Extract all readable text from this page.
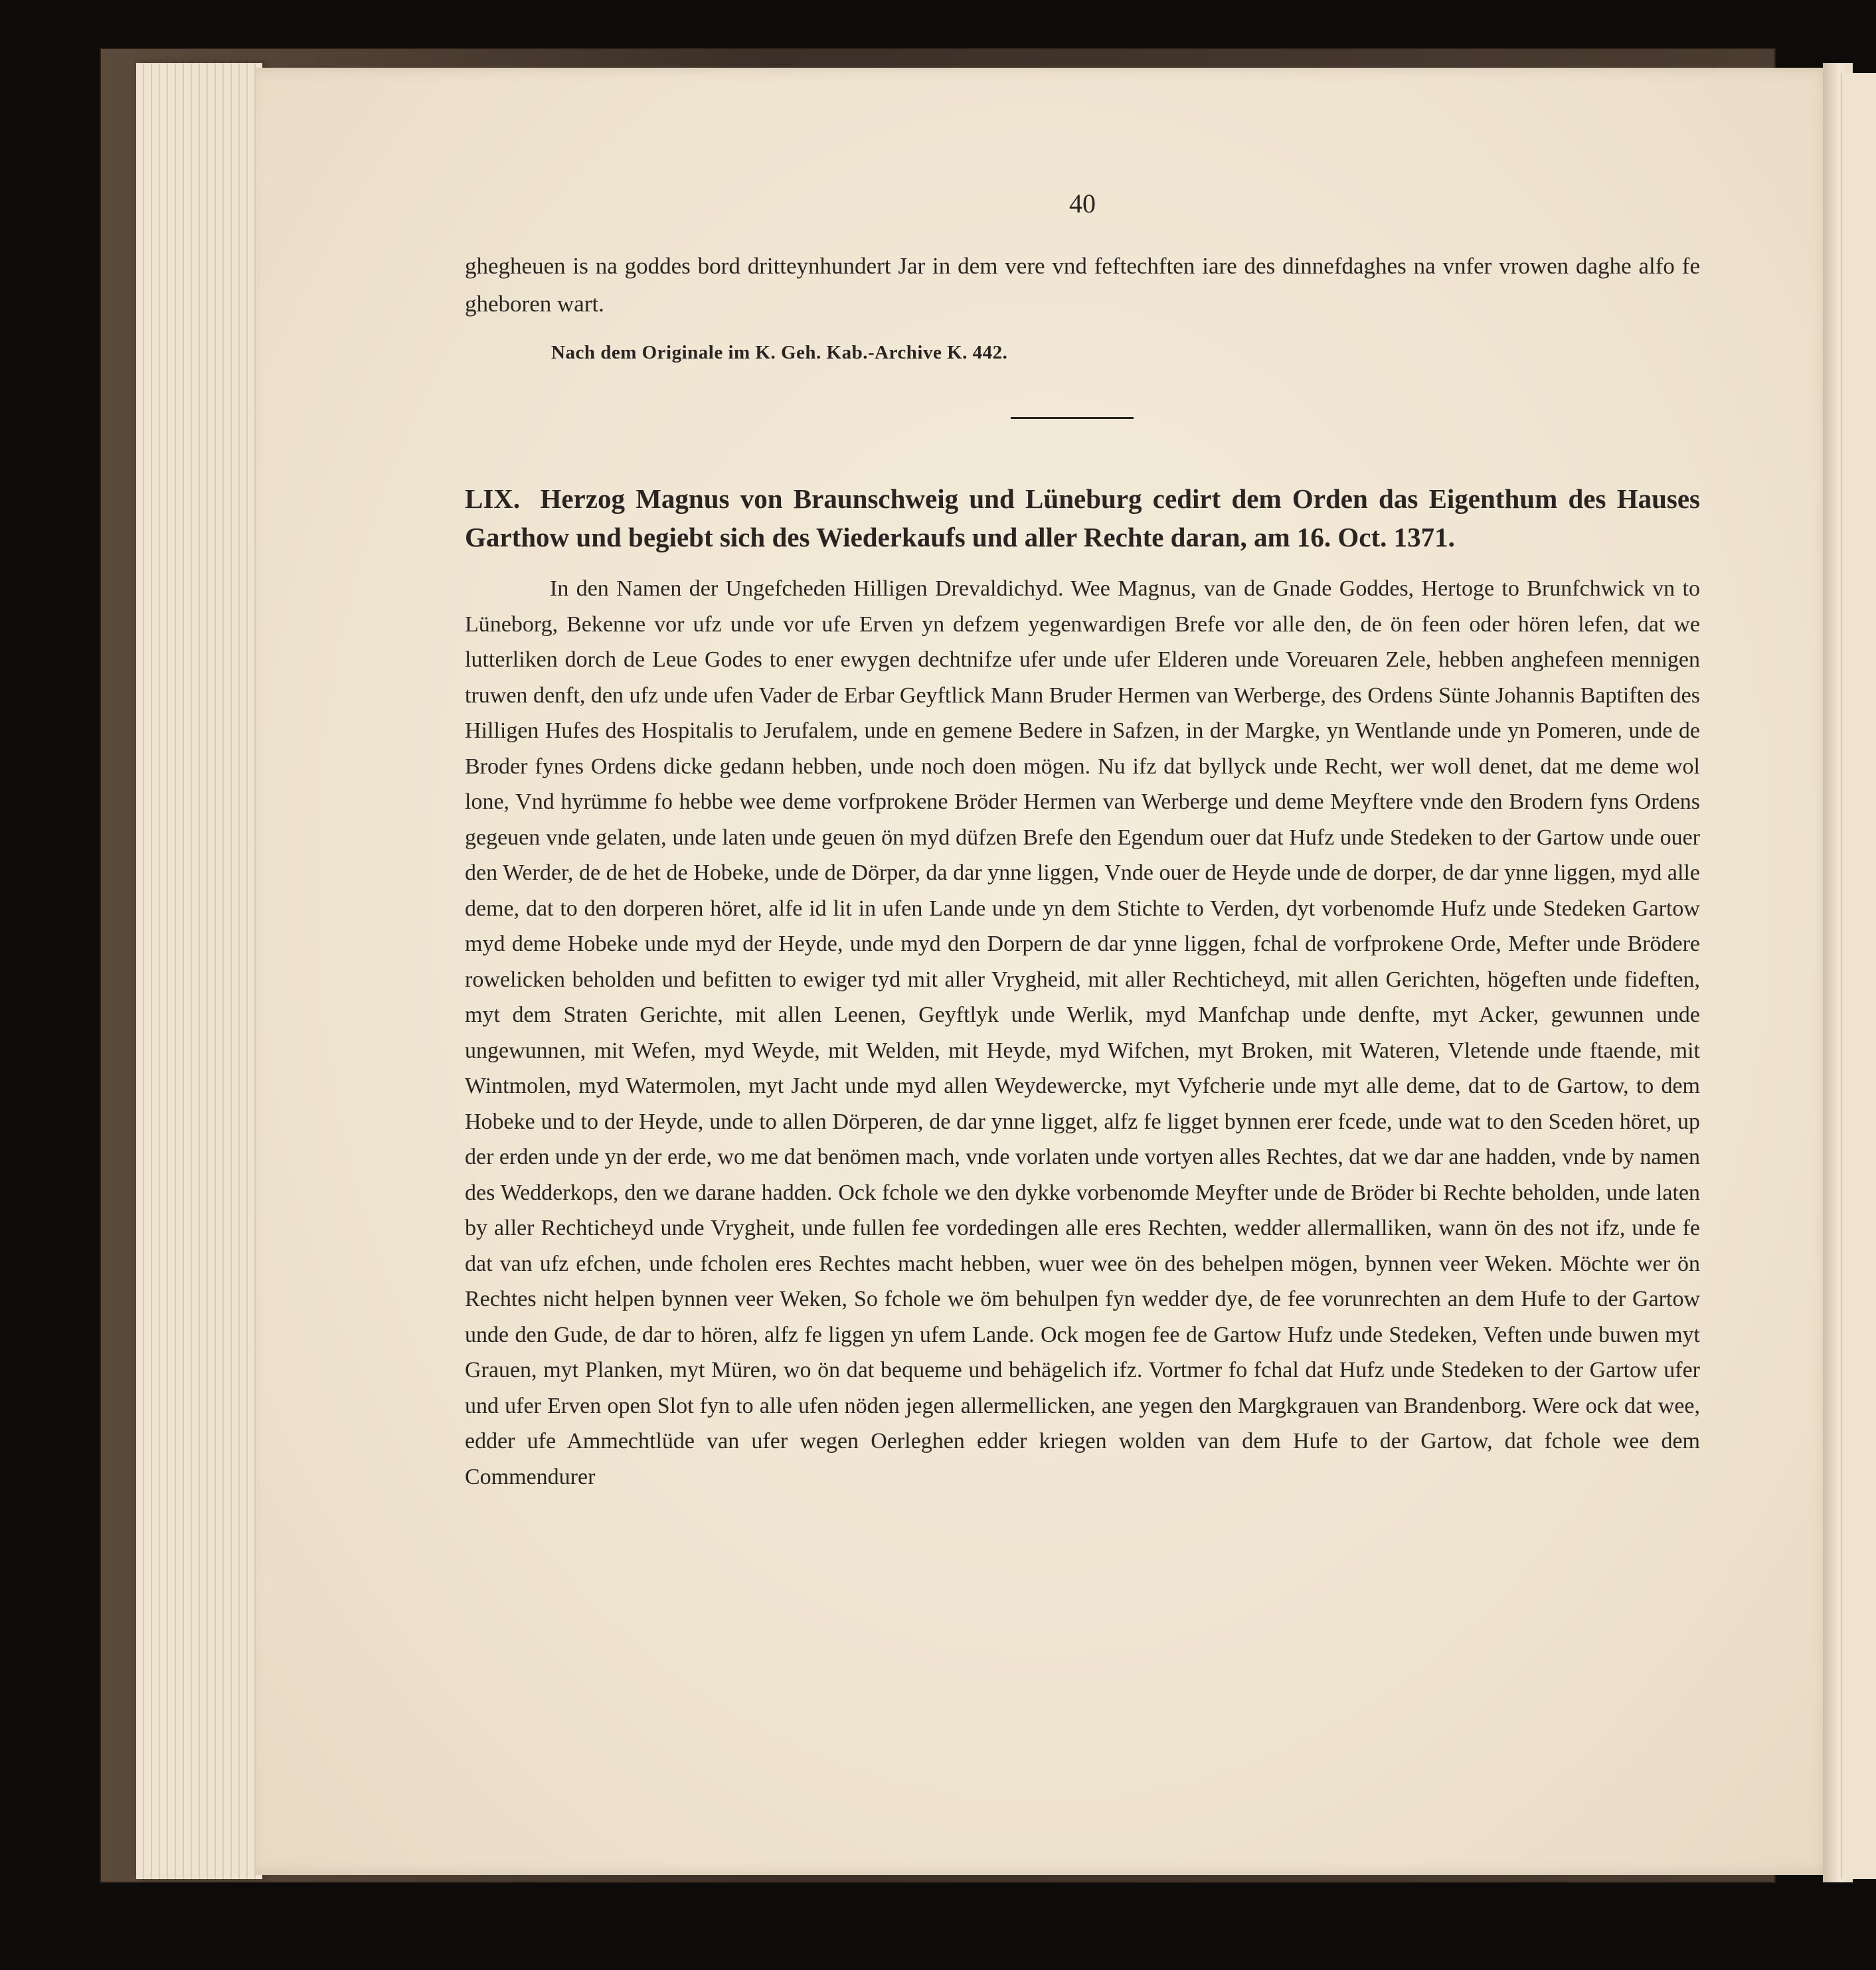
40

ghegheuen is na goddes bord dritteynhundert Jar in dem vere vnd feftechften iare des dinnefdaghes na vnfer vrowen daghe alfo fe gheboren wart.

Nach dem Originale im K. Geh. Kab.-Archive K. 442.
LIX. Herzog Magnus von Braunschweig und Lüneburg cedirt dem Orden das Eigenthum des Hauses Garthow und begiebt sich des Wiederkaufs und aller Rechte daran, am 16. Oct. 1371.

In den Namen der Ungefcheden Hilligen Drevaldichyd. Wee Magnus, van de Gnade Goddes, Hertoge to Brunfchwick vn to Lüneborg, Bekenne vor ufz unde vor ufe Erven yn defzem yegenwardigen Brefe vor alle den, de ön feen oder hören lefen, dat we lutterliken dorch de Leue Godes to ener ewygen dechtnifze ufer unde ufer Elderen unde Voreuaren Zele, hebben anghefeen mennigen truwen denft, den ufz unde ufen Vader de Erbar Geyftlick Mann Bruder Hermen van Werberge, des Ordens Sünte Johannis Baptiften des Hilligen Hufes des Hospitalis to Jerufalem, unde en gemene Bedere in Safzen, in der Margke, yn Wentlande unde yn Pomeren, unde de Broder fynes Ordens dicke gedann hebben, unde noch doen mögen. Nu ifz dat byllyck unde Recht, wer woll denet, dat me deme wol lone, Vnd hyrümme fo hebbe wee deme vorfprokene Bröder Hermen van Werberge und deme Meyftere vnde den Brodern fyns Ordens gegeuen vnde gelaten, unde laten unde geuen ön myd düfzen Brefe den Egendum ouer dat Hufz unde Stedeken to der Gartow unde ouer den Werder, de de het de Hobeke, unde de Dörper, da dar ynne liggen, Vnde ouer de Heyde unde de dorper, de dar ynne liggen, myd alle deme, dat to den dorperen höret, alfe id lit in ufen Lande unde yn dem Stichte to Verden, dyt vorbenomde Hufz unde Stedeken Gartow myd deme Hobeke unde myd der Heyde, unde myd den Dorpern de dar ynne liggen, fchal de vorfprokene Orde, Mefter unde Brödere rowelicken beholden und befitten to ewiger tyd mit aller Vrygheid, mit aller Rechticheyd, mit allen Gerichten, högeften unde fideften, myt dem Straten Gerichte, mit allen Leenen, Geyftlyk unde Werlik, myd Manfchap unde denfte, myt Acker, gewunnen unde ungewunnen, mit Wefen, myd Weyde, mit Welden, mit Heyde, myd Wifchen, myt Broken, mit Wateren, Vletende unde ftaende, mit Wintmolen, myd Watermolen, myt Jacht unde myd allen Weydewercke, myt Vyfcherie unde myt alle deme, dat to de Gartow, to dem Hobeke und to der Heyde, unde to allen Dörperen, de dar ynne ligget, alfz fe ligget bynnen erer fcede, unde wat to den Sceden höret, up der erden unde yn der erde, wo me dat benömen mach, vnde vorlaten unde vortyen alles Rechtes, dat we dar ane hadden, vnde by namen des Wedderkops, den we darane hadden. Ock fchole we den dykke vorbenomde Meyfter unde de Bröder bi Rechte beholden, unde laten by aller Rechticheyd unde Vrygheit, unde fullen fee vordedingen alle eres Rechten, wedder allermalliken, wann ön des not ifz, unde fe dat van ufz efchen, unde fcholen eres Rechtes macht hebben, wuer wee ön des behelpen mögen, bynnen veer Weken. Möchte wer ön Rechtes nicht helpen bynnen veer Weken, So fchole we öm behulpen fyn wedder dye, de fee vorunrechten an dem Hufe to der Gartow unde den Gude, de dar to hören, alfz fe liggen yn ufem Lande. Ock mogen fee de Gartow Hufz unde Stedeken, Veften unde buwen myt Grauen, myt Planken, myt Müren, wo ön dat bequeme und behägelich ifz. Vortmer fo fchal dat Hufz unde Stedeken to der Gartow ufer und ufer Erven open Slot fyn to alle ufen nöden jegen allermellicken, ane yegen den Margkgrauen van Brandenborg. Were ock dat wee, edder ufe Ammechtlüde van ufer wegen Oerleghen edder kriegen wolden van dem Hufe to der Gartow, dat fchole wee dem Commendurer
